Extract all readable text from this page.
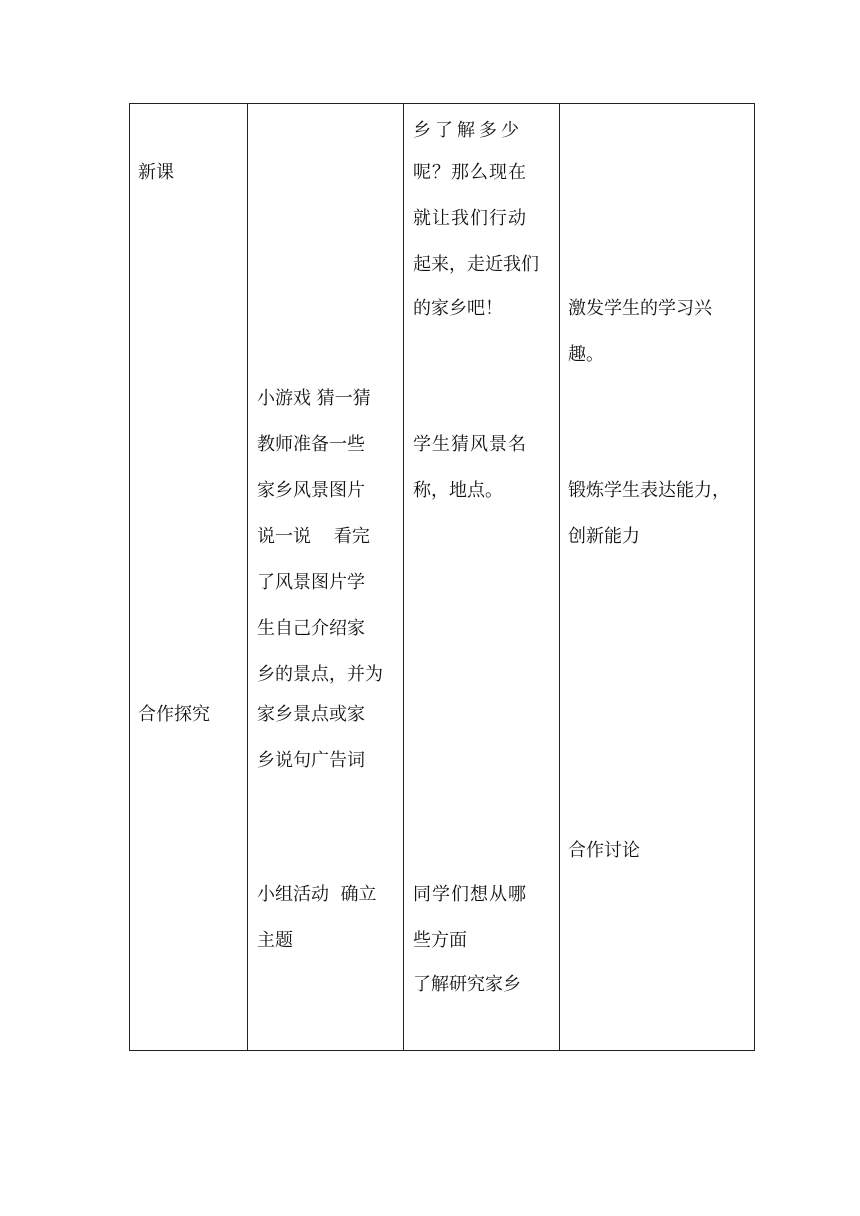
新课
合作探究
小游戏 猜一猜
教师准备一些
家乡风景图片
说一说    看完
了风景图片学
生自己介绍家
乡的景点，并为
家乡景点或家
乡说句广告词
小组活动  确立
主题
乡了解多少
呢？那么现在
就让我们行动
起来，走近我们
的家乡吧！
学生猜风景名
称，地点。
同学们想从哪
些方面
了解研究家乡
激发学生的学习兴
趣。
锻炼学生表达能力，
创新能力
合作讨论
